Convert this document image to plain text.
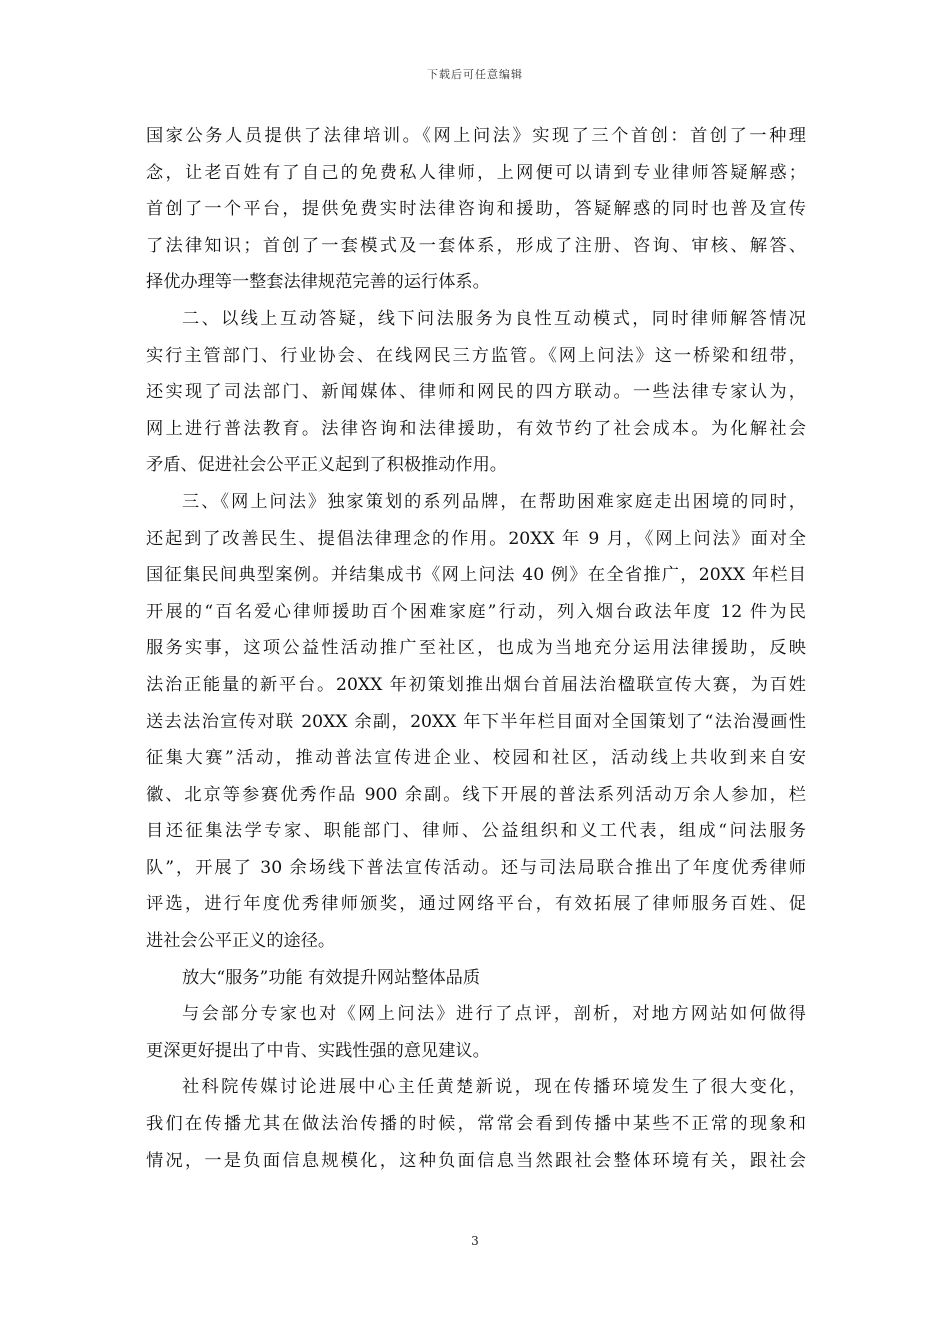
下载后可任意编辑
国家公务人员提供了法律培训。《网上问法》实现了三个首创：首创了一种理
念，让老百姓有了自己的免费私人律师，上网便可以请到专业律师答疑解惑；
首创了一个平台，提供免费实时法律咨询和援助，答疑解惑的同时也普及宣传
了法律知识；首创了一套模式及一套体系，形成了注册、咨询、审核、解答、
择优办理等一整套法律规范完善的运行体系。
二、以线上互动答疑，线下问法服务为良性互动模式，同时律师解答情况
实行主管部门、行业协会、在线网民三方监管。《网上问法》这一桥梁和纽带，
还实现了司法部门、新闻媒体、律师和网民的四方联动。一些法律专家认为，
网上进行普法教育。法律咨询和法律援助，有效节约了社会成本。为化解社会
矛盾、促进社会公平正义起到了积极推动作用。
三、《网上问法》独家策划的系列品牌，在帮助困难家庭走出困境的同时，
还起到了改善民生、提倡法律理念的作用。20XX 年 9 月，《网上问法》面对全
国征集民间典型案例。并结集成书《网上问法 40 例》在全省推广，20XX 年栏目
开展的“百名爱心律师援助百个困难家庭”行动，列入烟台政法年度 12 件为民
服务实事，这项公益性活动推广至社区，也成为当地充分运用法律援助，反映
法治正能量的新平台。20XX 年初策划推出烟台首届法治楹联宣传大赛，为百姓
送去法治宣传对联 20XX 余副，20XX 年下半年栏目面对全国策划了“法治漫画性
征集大赛”活动，推动普法宣传进企业、校园和社区，活动线上共收到来自安
徽、北京等参赛优秀作品 900 余副。线下开展的普法系列活动万余人参加，栏
目还征集法学专家、职能部门、律师、公益组织和义工代表，组成“问法服务
队”，开展了 30 余场线下普法宣传活动。还与司法局联合推出了年度优秀律师
评选，进行年度优秀律师颁奖，通过网络平台，有效拓展了律师服务百姓、促
进社会公平正义的途径。
放大“服务”功能 有效提升网站整体品质
与会部分专家也对《网上问法》进行了点评，剖析，对地方网站如何做得
更深更好提出了中肯、实践性强的意见建议。
社科院传媒讨论进展中心主任黄楚新说，现在传播环境发生了很大变化，
我们在传播尤其在做法治传播的时候，常常会看到传播中某些不正常的现象和
情况，一是负面信息规模化，这种负面信息当然跟社会整体环境有关，跟社会
3
